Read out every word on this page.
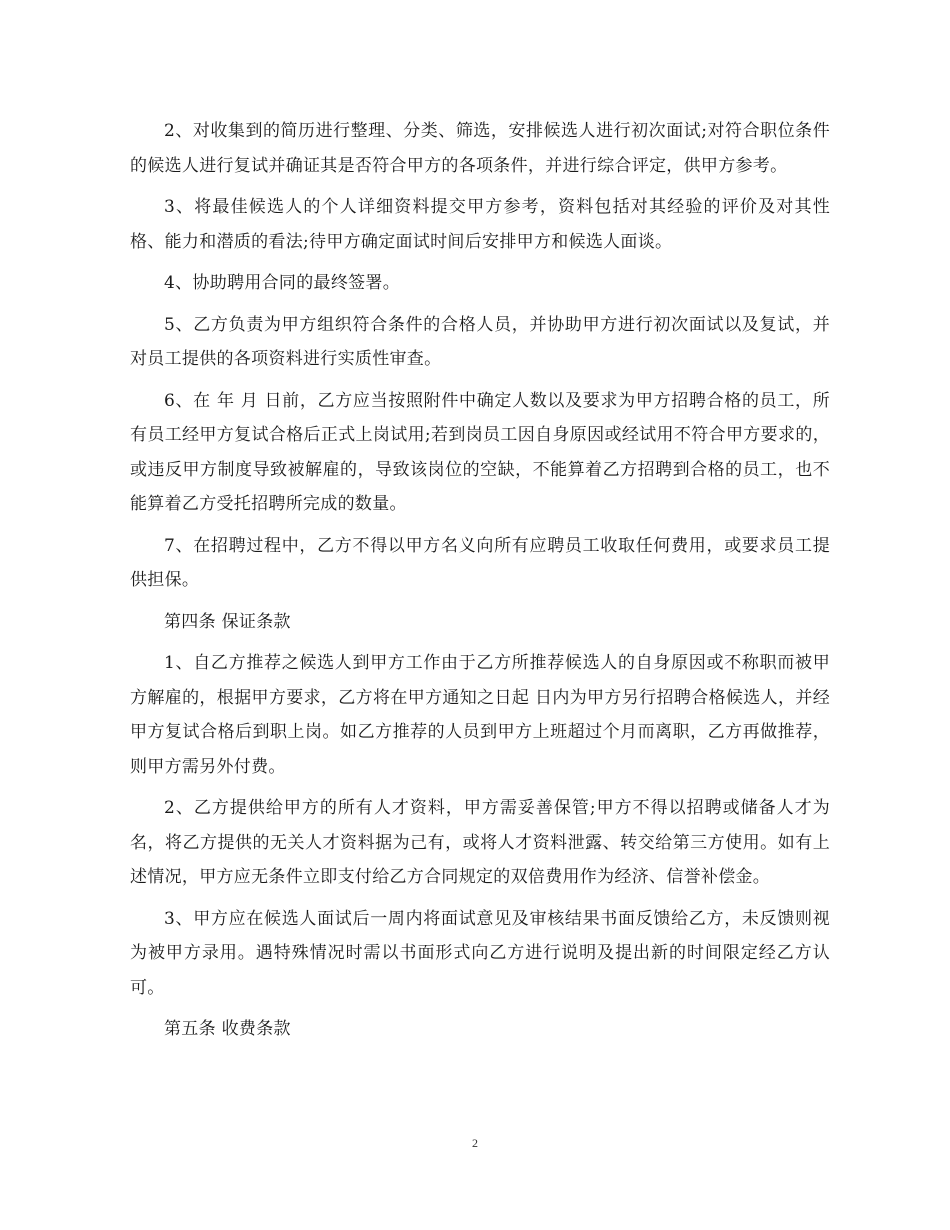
2、对收集到的简历进行整理、分类、筛选，安排候选人进行初次面试;对符合职位条件的候选人进行复试并确证其是否符合甲方的各项条件，并进行综合评定，供甲方参考。

3、将最佳候选人的个人详细资料提交甲方参考，资料包括对其经验的评价及对其性格、能力和潜质的看法;待甲方确定面试时间后安排甲方和候选人面谈。

4、协助聘用合同的最终签署。

5、乙方负责为甲方组织符合条件的合格人员，并协助甲方进行初次面试以及复试，并对员工提供的各项资料进行实质性审查。

6、在 年 月 日前，乙方应当按照附件中确定人数以及要求为甲方招聘合格的员工，所有员工经甲方复试合格后正式上岗试用;若到岗员工因自身原因或经试用不符合甲方要求的，或违反甲方制度导致被解雇的，导致该岗位的空缺，不能算着乙方招聘到合格的员工，也不能算着乙方受托招聘所完成的数量。

7、在招聘过程中，乙方不得以甲方名义向所有应聘员工收取任何费用，或要求员工提供担保。

第四条 保证条款

1、自乙方推荐之候选人到甲方工作由于乙方所推荐候选人的自身原因或不称职而被甲方解雇的，根据甲方要求，乙方将在甲方通知之日起 日内为甲方另行招聘合格候选人，并经甲方复试合格后到职上岗。如乙方推荐的人员到甲方上班超过个月而离职，乙方再做推荐，则甲方需另外付费。

2、乙方提供给甲方的所有人才资料，甲方需妥善保管;甲方不得以招聘或储备人才为名，将乙方提供的无关人才资料据为己有，或将人才资料泄露、转交给第三方使用。如有上述情况，甲方应无条件立即支付给乙方合同规定的双倍费用作为经济、信誉补偿金。

3、甲方应在候选人面试后一周内将面试意见及审核结果书面反馈给乙方，未反馈则视为被甲方录用。遇特殊情况时需以书面形式向乙方进行说明及提出新的时间限定经乙方认可。

第五条 收费条款

2
